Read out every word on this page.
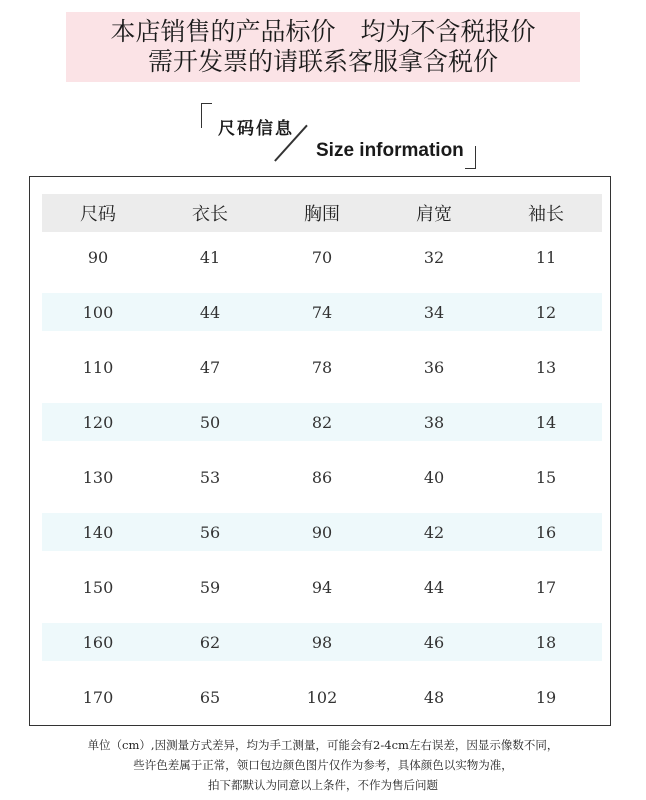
本店销售的产品标价　均为不含税报价
需开发票的请联系客服拿含税价
尺码信息
Size information
尺码	衣长	胸围	肩宽	袖长
90	41	70	32	11
100	44	74	34	12
110	47	78	36	13
120	50	82	38	14
130	53	86	40	15
140	56	90	42	16
150	59	94	44	17
160	62	98	46	18
170	65	102	48	19
单位（cm）,因测量方式差异，均为手工测量，可能会有2-4cm左右误差，因显示像数不同，
些许色差属于正常，领口包边颜色图片仅作为参考，具体颜色以实物为准，
拍下都默认为同意以上条件，不作为售后问题
